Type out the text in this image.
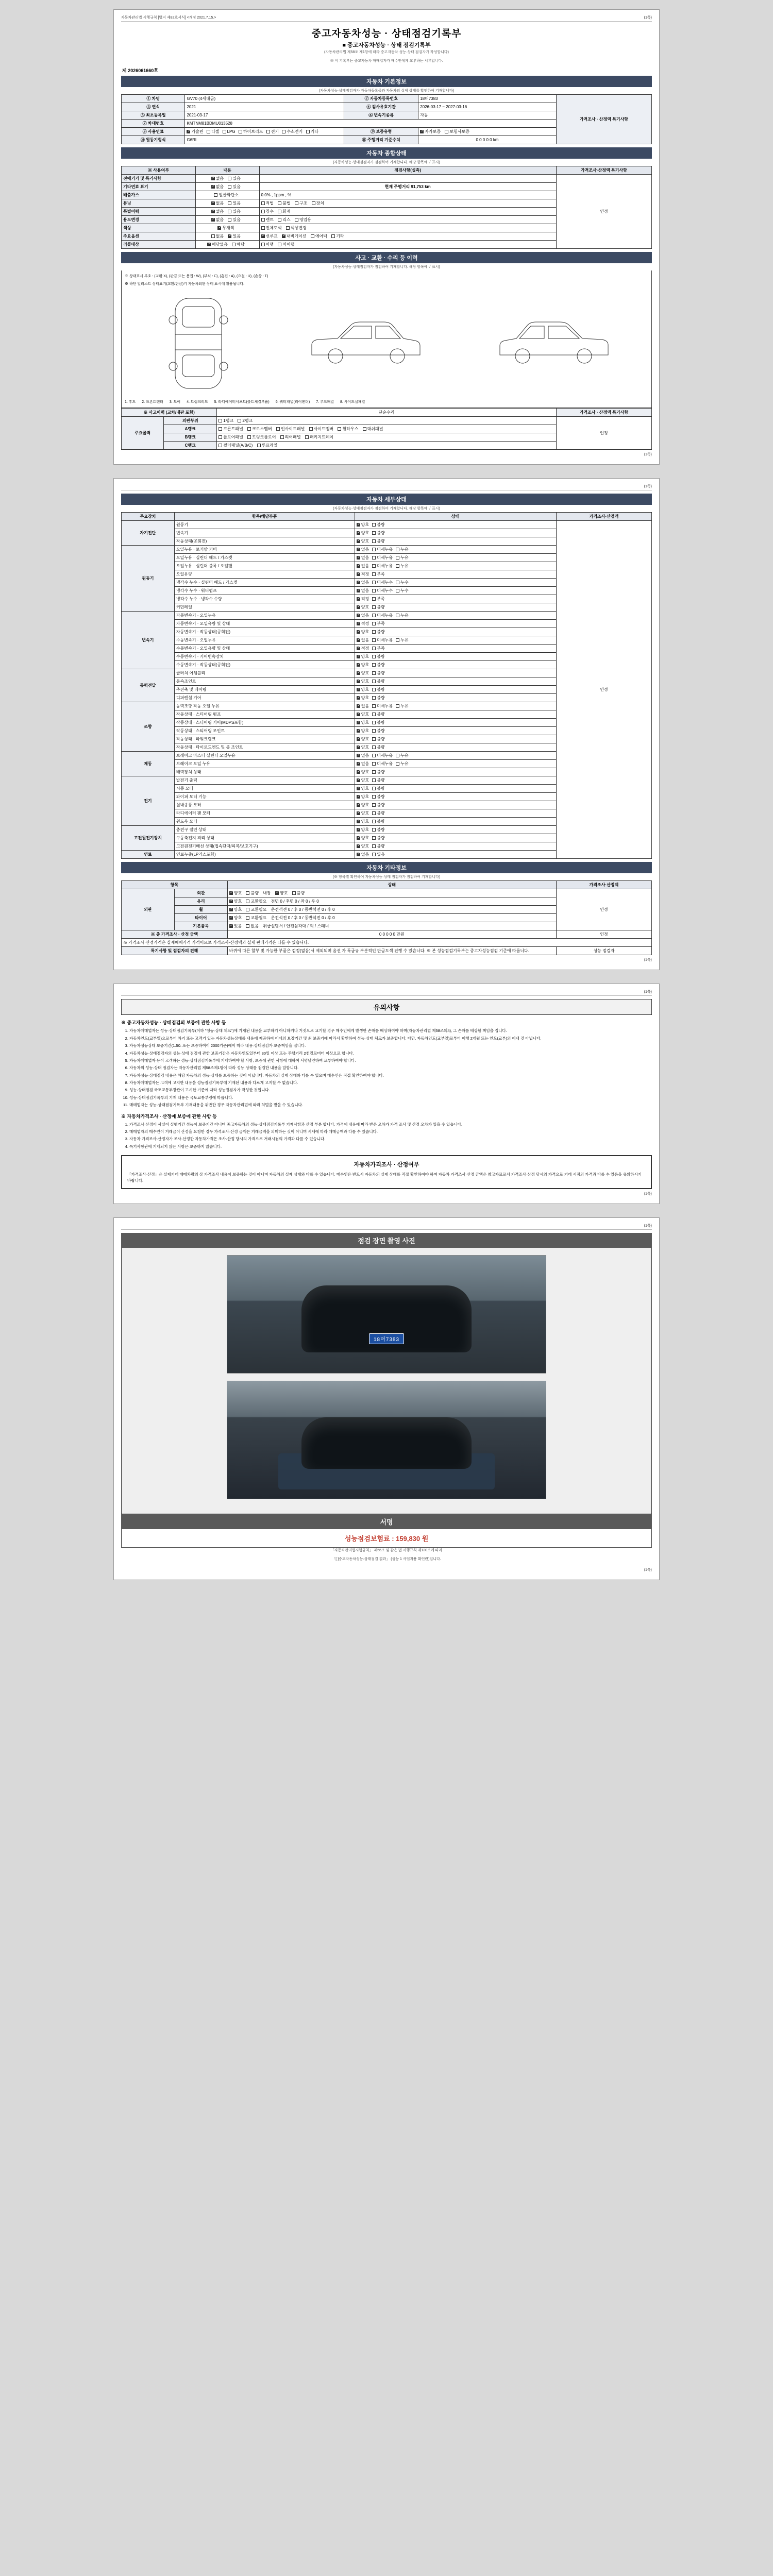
자동차관리법 시행규칙 [별지 제82호서식] <개정 2021.7.15.>	(1쪽)
중고자동차성능 · 상태점검기록부
■ 중고자동차성능 · 상태 점검기록부
(자동차관리법 제58조 제1항에 따라 중고자동차 성능·상태 점검자가 작성합니다)
※ 이 기록부는 중고자동차 매매업자가 매수인에게 교부하는 서류입니다.
제 2026061660호
자동차 기본정보
(자동차성능·상태점검자가 자동차등록증과 자동차의 실제 상태를 확인하여 기재합니다)
① 차명	GV70 (4세대급)	② 자동차등록번호	18머7383	가격조사 · 산정액 특기사항
③ 연식	2021	④ 검사유효기간	2026-03-17 ~ 2027-03-16	
⑤ 최초등록일	2021-03-17	⑥ 변속기종류	자동	
⑦ 차대번호	KMTNM81BDMU013528			
⑧ 사용연료	✓가솔린 디젤 LPG 하이브리드 전기 수소전기 기타	⑨ 보증유형	✓자가보증 보험사보증
⑩ 원동기형식	G6RI	⑪ 주행거리 기준수치	0 0 0 0 0 km	
자동차 종합상태
(자동차성능·상태점검자가 점검하여 기재합니다. 해당 항목에 ✓ 표시)
※ 사용여부	내용	점검사항(실측)	가격조사·산정액 특기사항
전에기기 및 특기사항	✓없음 있음		인정
기타연료 표기	✓없음 있음	현재 주행거리 91,753 km	
배출가스	일산화탄소	0.0% , 1ppm , %	
튜닝	✓없음 있음	적법 불법 구조 장치	
특별이력	✓없음 있음	침수 화재	
용도변경	✓없음 있음	렌트 리스 영업용	
색상	✓무채색	전체도색 색상변경	
주요옵션	없음 ✓ 있음	✓선루프 ✓ 내비게이션 에어백 기타
리콜대상	✓해당없음 해당	이행 미이행	
사고 · 교환 · 수리 등 이력
(자동차성능·상태점검자가 점검하여 기재합니다. 해당 항목에 ✓ 표시)
※ 상태표시 부호 : (교환 X), (판금 또는 용접 : W), (부식 : C), (흠집 : A), (요철 : U), (손상 : T)
※ 하단 일러스트 상태표기(교환/판금)기 자동차외판 상태 표시에 활용됩니다.
1. 후드 2. 프론트펜더 3. 도어 4. 트렁크리드 5. 라디에이터서포트(볼트체결부품) 6. 쿼터패널(리어펜더) 7. 루프패널 8. 사이드실패널
※ 사고이력 (교차/내판 포함)		단순수리	가격조사 · 산정액 특기사항
주요골격	외판부위	1랭크 2랭크	인정
	A랭크	프론트패널 크로스멤버 인사이드패널 사이드멤버 휠하우스 대쉬패널	
	B랭크	플로어패널 트렁크플로어 리어패널 패키지트레이	
	C랭크	필러패널(A/B/C) 루프레일	
(1쪽)
(1쪽)
자동차 세부상태
(자동차성능·상태점검자가 점검하여 기재합니다. 해당 항목에 ✓ 표시)
주요장치	항목/해당부품	상태	가격조사·산정액
자기진단	원동기	✓양호 불량	인정
	변속기	✓양호 불량
	작동상태(공회전)	✓양호 불량
원동기	오일누유 · 로커암 커버	✓없음 미세누유 누유
	오일누유 · 실린더 헤드 / 가스켓	✓없음 미세누유 누유
	오일누유 · 실린더 블록 / 오일팬	✓없음 미세누유 누유
	오일유량	✓적정 부족
	냉각수 누수 · 실린더 헤드 / 가스켓	✓없음 미세누수 누수
	냉각수 누수 · 워터펌프	✓없음 미세누수 누수
	냉각수 누수 · 냉각수 수량	✓적정 부족
	커먼레일	✓양호 불량
변속기	자동변속기 · 오일누유	✓없음 미세누유 누유
	자동변속기 · 오일유량 및 상태	✓적정 부족
	자동변속기 · 작동상태(공회전)	✓양호 불량
	수동변속기 · 오일누유	✓없음 미세누유 누유
	수동변속기 · 오일유량 및 상태	✓적정 부족
	수동변속기 · 기어변속장치	✓양호 불량
	수동변속기 · 작동상태(공회전)	✓양호 불량
동력전달	클러치 어셈블리	✓양호 불량
	등속조인트	✓양호 불량
	추진축 및 베어링	✓양호 불량
	디퍼렌셜 기어	✓양호 불량
조향	동력조향 작동 오일 누유	✓없음 미세누유 누유
	작동상태 · 스티어링 펌프	✓양호 불량
	작동상태 · 스티어링 기어(MDPS포함)	✓양호 불량
	작동상태 · 스티어링 조인트	✓양호 불량
	작동상태 · 파워크랭크	✓양호 불량
	작동상태 · 타이로드엔드 및 볼 조인트	✓양호 불량
제동	브레이크 마스터 실린더 오일누유	✓없음 미세누유 누유
	브레이크 오일 누유	✓없음 미세누유 누유
	배력장치 상태	✓양호 불량
전기	발전기 출력	✓양호 불량
	시동 모터	✓양호 불량
	와이퍼 모터 기능	✓양호 불량
	실내송풍 모터	✓양호 불량
	라디에이터 팬 모터	✓양호 불량
	윈도우 모터	✓양호 불량
고전원전기장치	충전구 절연 상태	✓양호 불량
	구동축전지 격리 상태	✓양호 불량
	고전원전기배선 상태(접속단자/피복/보호기구)	✓양호 불량
연료	연료누출(LP가스포함)	✓없음 있음
자동차 기타정보
(※ 항목별 확인하여 자동차성능·상태 점검자가 점검하여 기재합니다)
항목		상태	가격조사·산정액
외관	외관	✓양호 불량 내장 ✓ 양호 불량	인정
	유리	✓양호 교환필요 전면 0 / 후면 0 / 좌 0 / 우 0
	휠	✓양호 교환필요 운전석전 0 / 후 0 / 동반석전 0 / 후 0
	타이어	✓양호 교환필요 운전석전 0 / 후 0 / 동반석전 0 / 후 0
	기본품목	✓있음 없음 취급설명서 / 안전삼각대 / 잭 / 스패너
※ 총 가격조사 · 산정 금액		0 0 0 0 0 만원	인정
※ 가격조사·산정가격은 실제매매가격 가격이므로 가격조사·산정액과 실제 판매가격은 다를 수 있습니다.			
특기사항 및 점검자의 견해		바퀴에 따른 할부 및 가능한 부품은 검정(없음)서 제외되며 옵션 가 특급규 부분적인 판금도색 진행 수 있습니다. ※ 본 성능점검기록부는 중고차성능점검 기준에 따릅니다.	성능 점검자
(1쪽)
(1쪽)
유의사항
※ 중고자동차성능 · 상태점검의 보증에 관한 사항 등
1. 자동차매매업자는 성능·상태점검기록부(이하 "성능·상태 체크")에 기재된 내용을 교부하기 아니하거나 거짓으로 교기할 경우 매수인에게 발생한 손해를 배상하여야 하며(자동차관리법 제58조의4), 그 손해를 배상할 책임을 집니다.
2. 자동차인도(교부일)으로부터 차기 또는 고객기 있는 자동차성능상태를 내용에 제공하여 이에의 보장기간 및 최 보증기에 따라서 확인하여 성능·상태 체크가 보증합니다. 다만, 자동차인도(교부일)로부터 이행 2개월 또는 인도(교부)의 이내 것 아닙니다.
3. 자동차성능상태 보증기간(1.50. 또는 보증하여이 2000기준)에이 따라 내용·상태점검가 보증책임을 집니다.
4. 자동차성능·상태점검자의 성능·상태 점검에 관한 보증기간은 자동차인도일부터 30일 이상 또는 주행거리 2천킬로미터 이상으로 합니다.
5. 자동차매매업자 등이 고객하는 성능·상태점검기록부에 기재하여야 할 사항, 보증에 관한 사항에 대하여 서명날인하여 교부하여야 합니다.
6. 자동차의 성능·상태 점검자는 자동차관리법 제58조제1항에 따라 성능·상태를 점검한 내용을 말합니다.
7. 자동차성능·상태점검 내용은 해당 자동차의 성능·상태를 보증하는 것이 아닙니다. 자동차의 실제 상태와 다를 수 있으며 매수인은 직접 확인하여야 합니다.
8. 자동차매매업자는 고객에 고지한 내용을 성능점검기록부에 기재된 내용과 다르게 고지할 수 없습니다.
9. 성능·상태점검 국토교통부장관이 고시한 기준에 따라 성능점검자가 작성한 것입니다.
10. 성능·상태점검기록부의 기재 내용은 국토교통부령에 따릅니다.
11. 매매업자는 성능·상태점검기록부 기재내용을 위반한 경우 자동차관리법에 따라 처벌을 받을 수 있습니다.
※ 자동차가격조사 · 산정에 보증에 관한 사항 등
1. 가격조사·산정이 사실이 실행기간 성능이 보증기간 아니며 중고자동차의 성능·상태점검기록부 기재사항과 산정 부분 합니다. 가격에 내용에 따라 받은 오차가 가격 조사 및 산정 오차가 있을 수 있습니다.
2. 매매업자의 매수인이 거래금이 산정을 요청한 경우 가격조사·산정 금액은 거래금액을 의미하는 것이 아니며 시세에 따라 매매금액과 다를 수 있습니다.
3. 자동차 가격조사·산정자가 조사·산정한 자동차가격은 조사·산정 당시의 가격으로 거래시점의 가격과 다를 수 있습니다.
4. 특기사항란에 기재되지 않은 사항은 보증하지 않습니다.
자동차가격조사 · 산정여부

「가격조사·산정」은 실제거래 매매차량의 상 가격조사 내용이 보증하는 것이 아니며 자동차의 실제 상태와 다를 수 있습니다. 매수인은 반드시 자동차의 실제 상태를 직접 확인하여야 하며 자동차 가격조사·산정 금액은 참고자료로서 가격조사·산정 당시의 가격으로 거래 시점의 가격과 다를 수 있음을 유의하시기 바랍니다.

(1쪽)
(1쪽)
점검 장면 촬영 사진
18머7383
서명
성능점검보험료 : 159,830 원
「자동차관리법시행규칙」 제56조 및 같은 법 시행규칙 제120조에 따라
「[ ]중고자동차성능·상태점검 결과」 (성능 1 사업자용 확인란)입니다.
(1쪽)
